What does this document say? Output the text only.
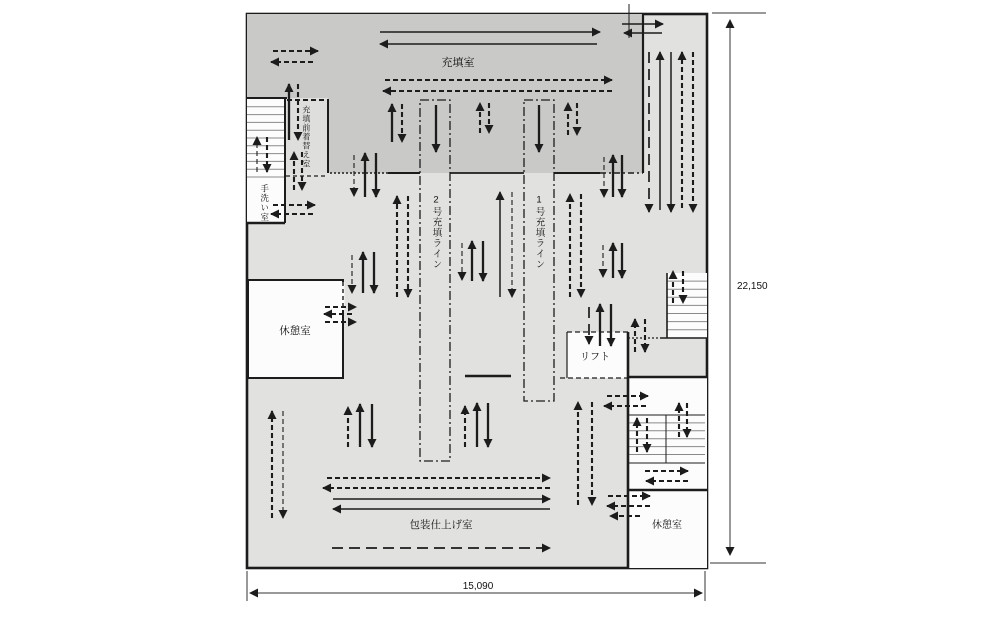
充填室
充填前着替え室
手洗い室	2号充填ライン	1号充填ライン
休憩室
リフト
休憩室
包装仕上げ室
22,150
15,090
